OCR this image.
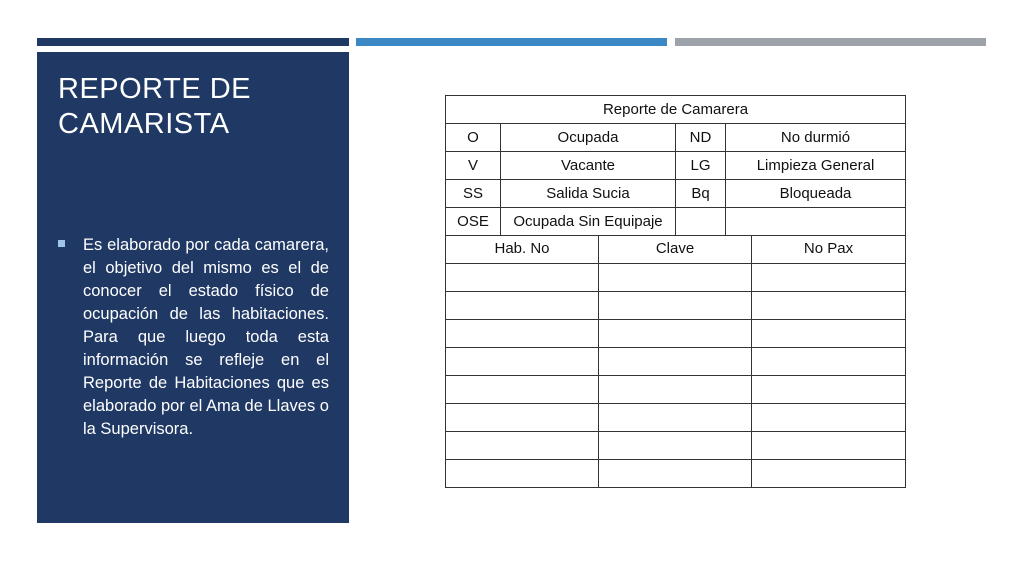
REPORTE DE CAMARISTA

Es elaborado por cada camarera, el objetivo del mismo es el de conocer el estado físico de ocupación de las habitaciones. Para que luego toda esta información se refleje en el Reporte de Habitaciones que es elaborado por el Ama de Llaves o la Supervisora.

Reporte de Camarera			
O	Ocupada	ND	No durmió
V	Vacante	LG	Limpieza General
SS	Salida Sucia	Bq	Bloqueada
OSE	Ocupada Sin Equipaje		
Hab. No	Clave	No Pax
